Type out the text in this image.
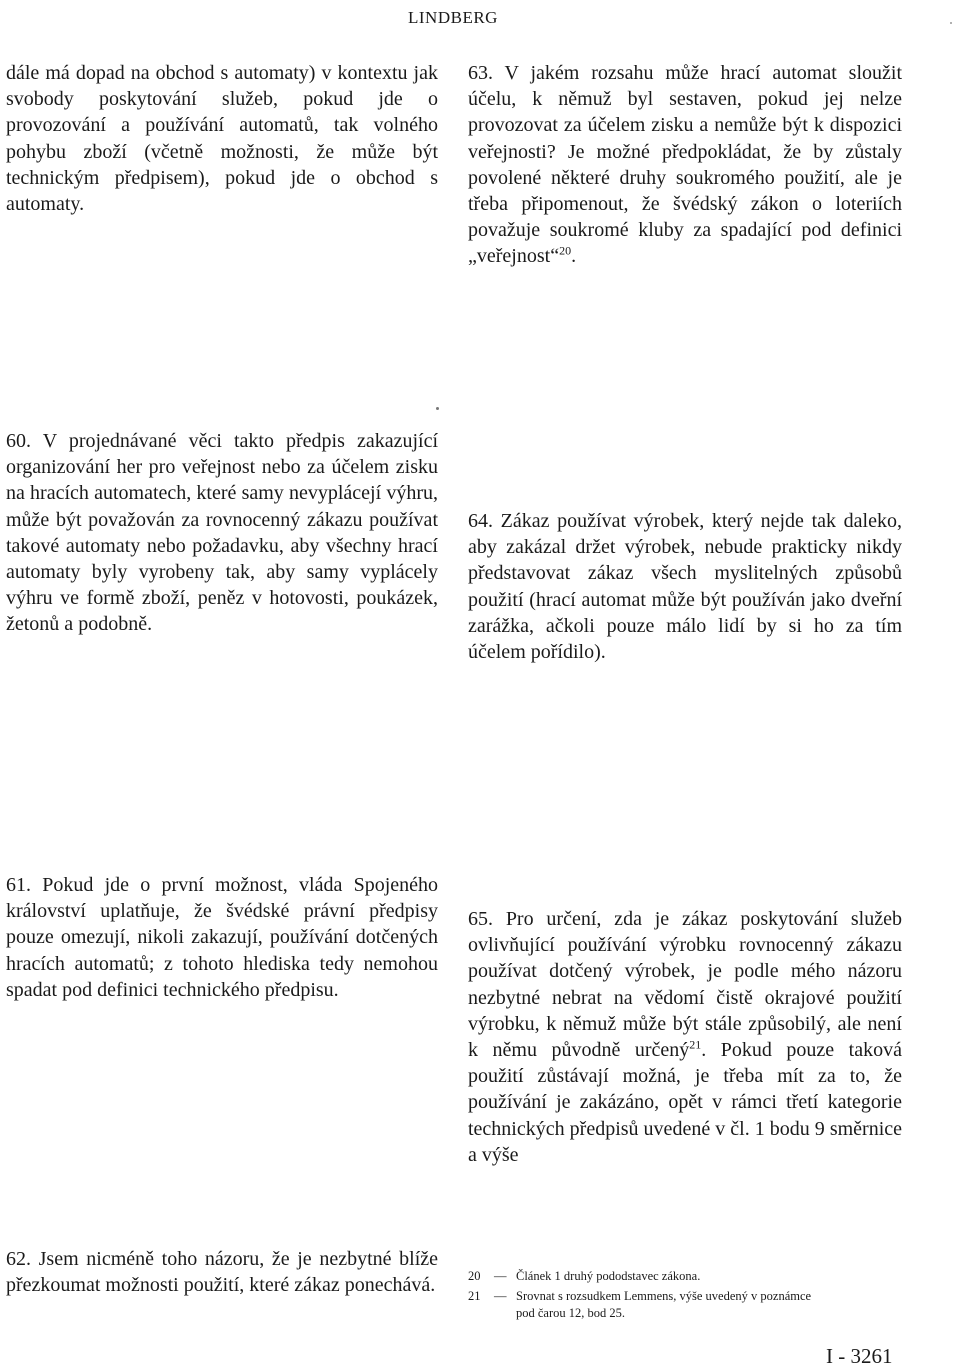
LINDBERG

dále má dopad na obchod s automaty) v kontextu jak svobody poskytování služeb, pokud jde o provozování a používání automatů, tak volného pohybu zboží (včetně možnosti, že může být technickým předpisem), pokud jde o obchod s automaty.

60. V projednávané věci takto předpis zakazující organizování her pro veřejnost nebo za účelem zisku na hracích automatech, které samy nevyplácejí výhru, může být považován za rovnocenný zákazu používat takové automaty nebo požadavku, aby všechny hrací automaty byly vyrobeny tak, aby samy vyplácely výhru ve formě zboží, peněz v hotovosti, poukázek, žetonů a podobně.

61. Pokud jde o první možnost, vláda Spojeného království uplatňuje, že švédské právní předpisy pouze omezují, nikoli zakazují, používání dotčených hracích automatů; z tohoto hlediska tedy nemohou spadat pod definici technického předpisu.

62. Jsem nicméně toho názoru, že je nezbytné blíže přezkoumat možnosti použití, které zákaz ponechává.

63. V jakém rozsahu může hrací automat sloužit účelu, k němuž byl sestaven, pokud jej nelze provozovat za účelem zisku a nemůže být k dispozici veřejnosti? Je možné předpokládat, že by zůstaly povolené některé druhy soukromého použití, ale je třeba připomenout, že švédský zákon o loteriích považuje soukromé kluby za spadající pod definici „veřejnost“$^{20}$.

64. Zákaz používat výrobek, který nejde tak daleko, aby zakázal držet výrobek, nebude prakticky nikdy představovat zákaz všech myslitelných způsobů použití (hrací automat může být používán jako dveřní zarážka, ačkoli pouze málo lidí by si ho za tím účelem pořídilo).

65. Pro určení, zda je zákaz poskytování služeb ovlivňující používání výrobku rovnocenný zákazu používat dotčený výrobek, je podle mého názoru nezbytné nebrat na vědomí čistě okrajové použití výrobku, k němuž může být stále způsobilý, ale není k němu původně určený$^{21}$. Pokud pouze taková použití zůstávají možná, je třeba mít za to, že používání je zakázáno, opět v rámci třetí kategorie technických předpisů uvedené v čl. 1 bodu 9 směrnice a výše

20	— Článek 1 druhý pododstavec zákona.
21	— Srovnat s rozsudkem Lemmens, výše uvedený v poznámce
pod čarou 12, bod 25.
I - 3261
